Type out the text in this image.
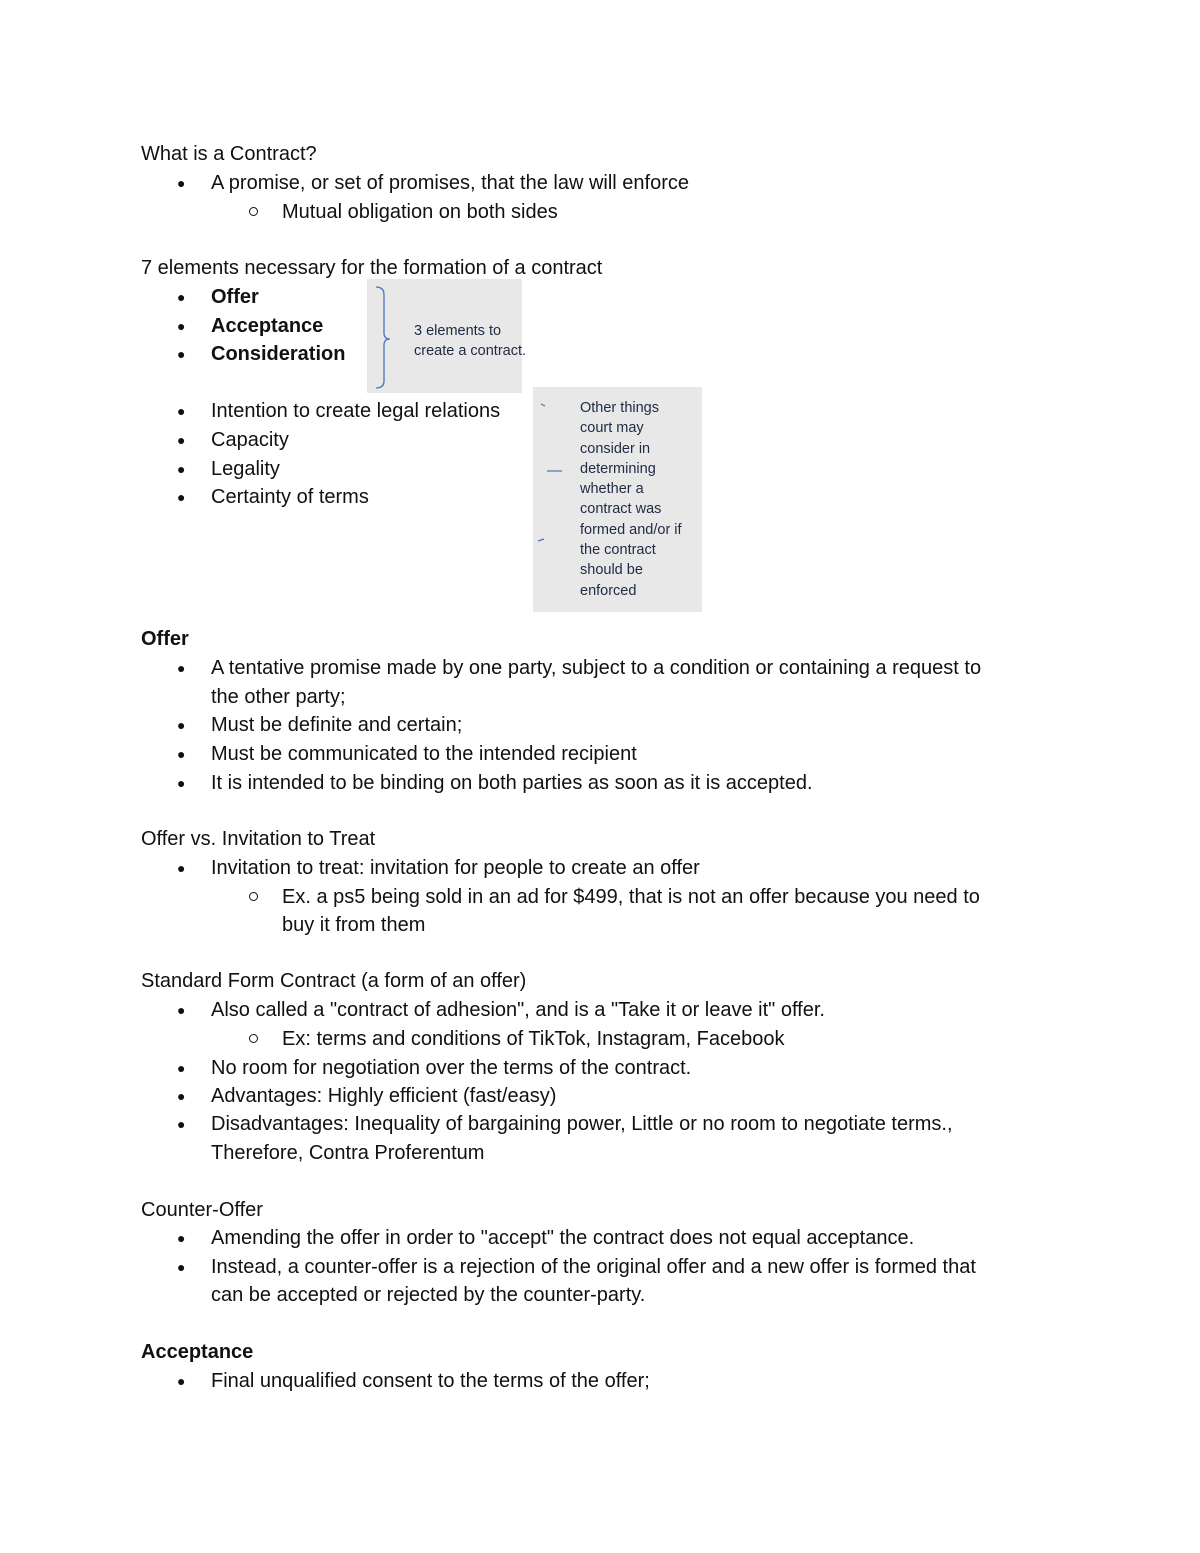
What is a Contract?
● A promise, or set of promises, that the law will enforce
Mutual obligation on both sides
7 elements necessary for the formation of a contract
● Offer
● Acceptance
● Consideration
● Intention to create legal relations
● Capacity
● Legality
● Certainty of terms
3 elements to
create a contract.
Other things
court may
consider in
determining
whether a
contract was
formed and/or if
the contract
should be
enforced
Offer
● A tentative promise made by one party, subject to a condition or containing a request to
the other party;
● Must be definite and certain;
● Must be communicated to the intended recipient
● It is intended to be binding on both parties as soon as it is accepted.
Offer vs. Invitation to Treat
● Invitation to treat: invitation for people to create an offer
Ex. a ps5 being sold in an ad for $499, that is not an offer because you need to
buy it from them
Standard Form Contract (a form of an offer)
● Also called a "contract of adhesion", and is a "Take it or leave it" offer.
Ex: terms and conditions of TikTok, Instagram, Facebook
● No room for negotiation over the terms of the contract.
● Advantages: Highly efficient (fast/easy)
● Disadvantages: Inequality of bargaining power, Little or no room to negotiate terms.,
Therefore, Contra Proferentum
Counter-Offer
● Amending the offer in order to "accept" the contract does not equal acceptance.
● Instead, a counter-offer is a rejection of the original offer and a new offer is formed that
can be accepted or rejected by the counter-party.
Acceptance
● Final unqualified consent to the terms of the offer;
